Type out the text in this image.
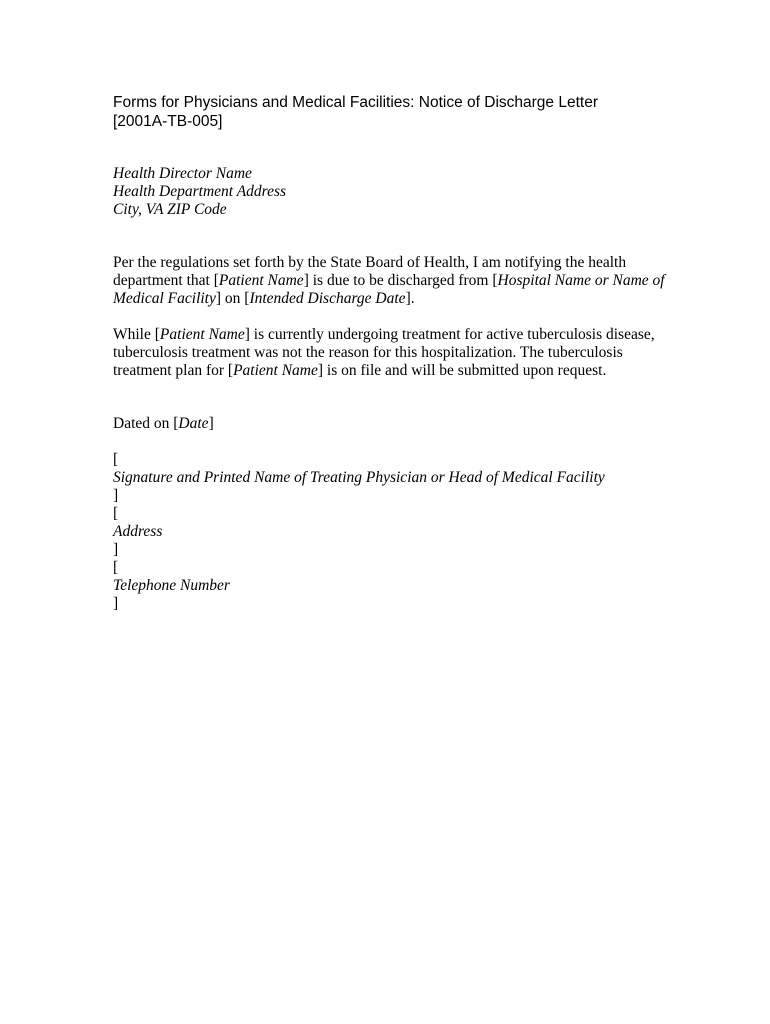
Forms for Physicians and Medical Facilities: Notice of Discharge Letter
[2001A-TB-005]
Health Director Name
Health Department Address
City, VA ZIP Code
Per the regulations set forth by the State Board of Health, I am notifying the health
department that [Patient Name] is due to be discharged from [Hospital Name or Name of
Medical Facility] on [Intended Discharge Date].
While [Patient Name] is currently undergoing treatment for active tuberculosis disease,
tuberculosis treatment was not the reason for this hospitalization. The tuberculosis
treatment plan for [Patient Name] is on file and will be submitted upon request.
Dated on [Date]
[
Signature and Printed Name of Treating Physician or Head of Medical Facility
]
[
Address
]
[
Telephone Number
]
